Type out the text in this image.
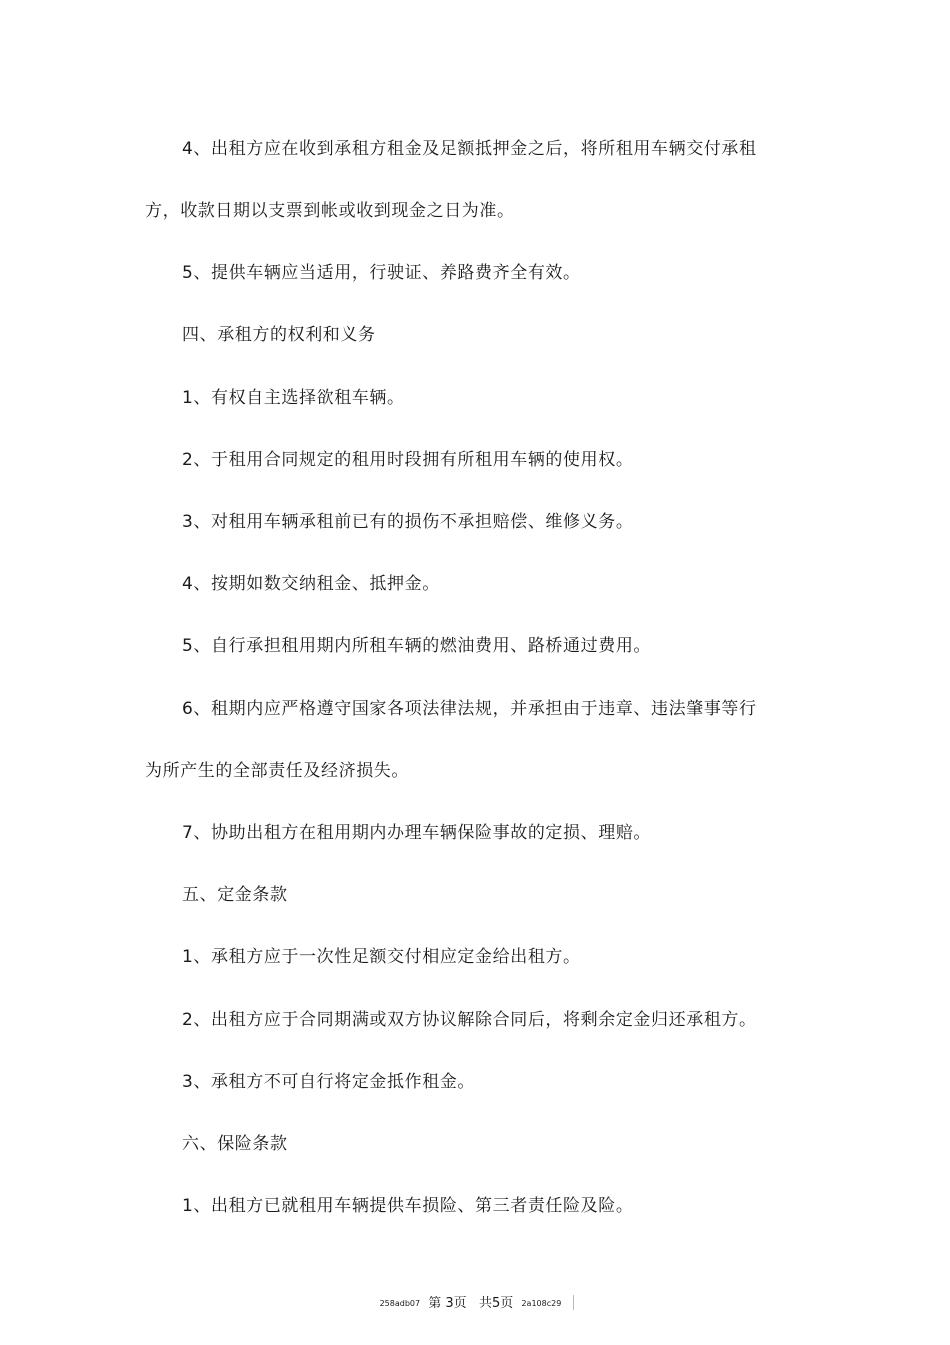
4、出租方应在收到承租方租金及足额抵押金之后，将所租用车辆交付承租
方，收款日期以支票到帐或收到现金之日为准。
5、提供车辆应当适用，行驶证、养路费齐全有效。
四、承租方的权利和义务
1、有权自主选择欲租车辆。
2、于租用合同规定的租用时段拥有所租用车辆的使用权。
3、对租用车辆承租前已有的损伤不承担赔偿、维修义务。
4、按期如数交纳租金、抵押金。
5、自行承担租用期内所租车辆的燃油费用、路桥通过费用。
6、租期内应严格遵守国家各项法律法规，并承担由于违章、违法肇事等行
为所产生的全部责任及经济损失。
7、协助出租方在租用期内办理车辆保险事故的定损、理赔。
五、定金条款
1、承租方应于一次性足额交付相应定金给出租方。
2、出租方应于合同期满或双方协议解除合同后，将剩余定金归还承租方。
3、承租方不可自行将定金抵作租金。
六、保险条款
1、出租方已就租用车辆提供车损险、第三者责任险及险。
258adb07 第 3页 共5页 2a108c29
